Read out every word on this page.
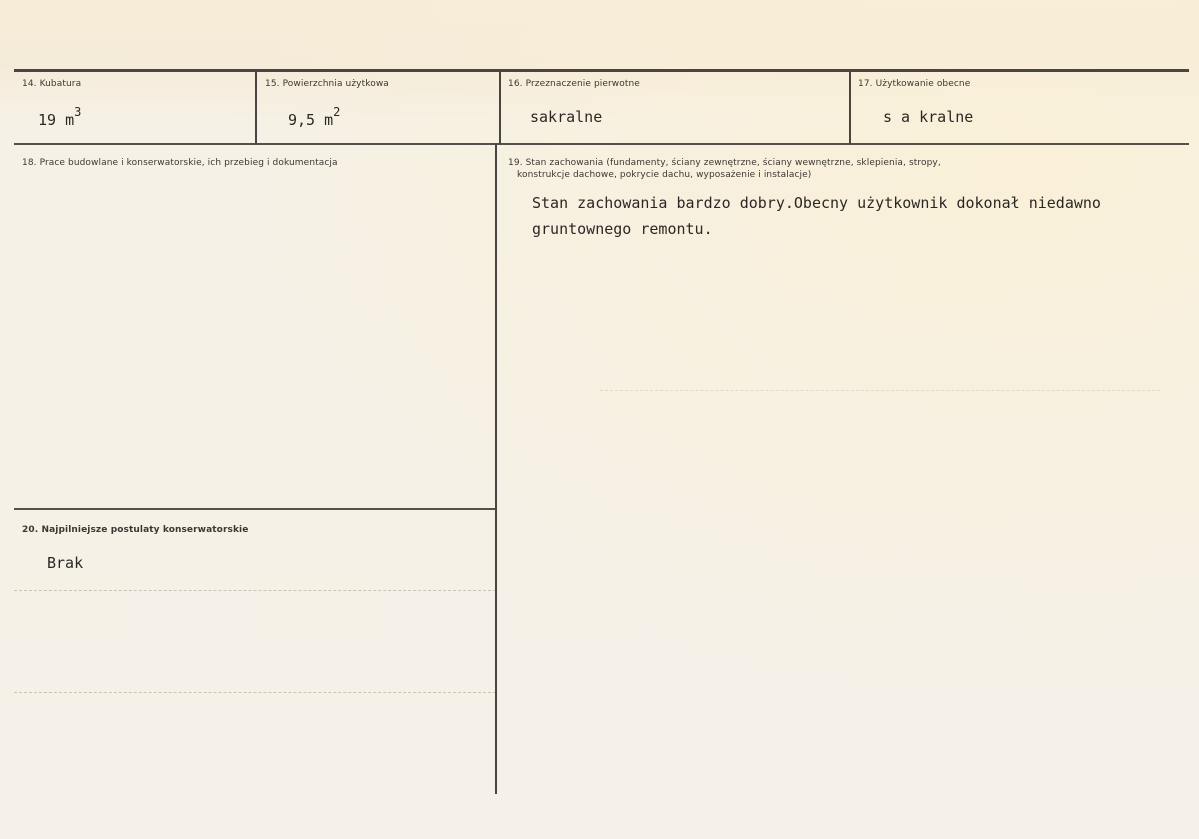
14. Kubatura
19 $m^3$
15. Powierzchnia użytkowa
9,5 $m^2$
16. Przeznaczenie pierwotne
sakralne
17. Użytkowanie obecne
s a kralne
18. Prace budowlane i konserwatorskie, ich przebieg i dokumentacja	19. Stan zachowania (fundamenty, ściany zewnętrzne, ściany wewnętrzne, sklepienia, stropy,
konstrukcje dachowe, pokrycie dachu, wyposażenie i instalacje)
Stan zachowania bardzo dobry.Obecny użytkownik dokonał niedawno
gruntownego remontu.
20. Najpilniejsze postulaty konserwatorskie
Brak
